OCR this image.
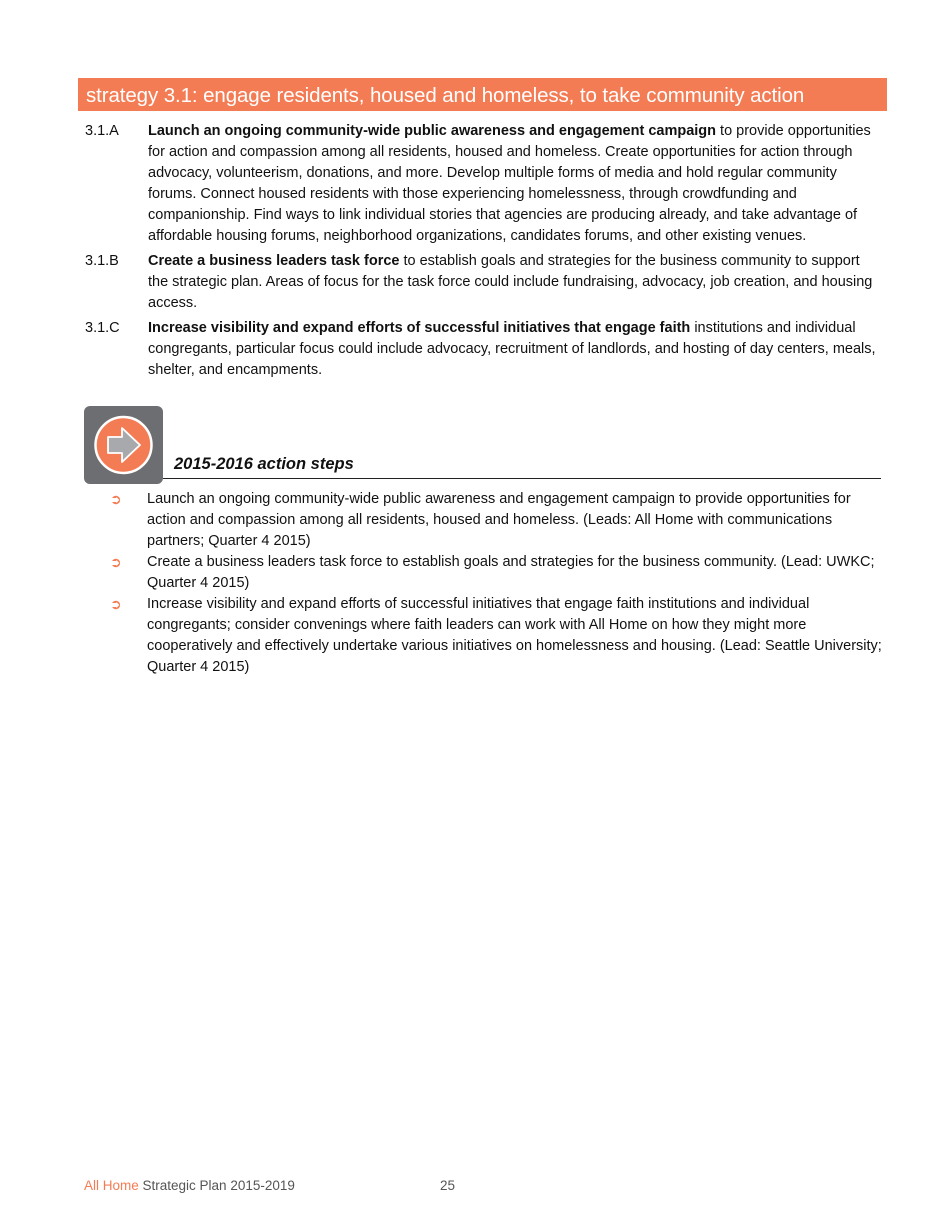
strategy 3.1: engage residents, housed and homeless, to take community action
3.1.A	Launch an ongoing community-wide public awareness and engagement campaign to provide opportunities for action and compassion among all residents, housed and homeless. Create opportunities for action through advocacy, volunteerism, donations, and more. Develop multiple forms of media and hold regular community forums. Connect housed residents with those experiencing homelessness, through crowdfunding and companionship. Find ways to link individual stories that agencies are producing already, and take advantage of affordable housing forums, neighborhood organizations, candidates forums, and other existing venues.
3.1.B	Create a business leaders task force to establish goals and strategies for the business community to support the strategic plan. Areas of focus for the task force could include fundraising, advocacy, job creation, and housing access.
3.1.C	Increase visibility and expand efforts of successful initiatives that engage faith institutions and individual congregants, particular focus could include advocacy, recruitment of landlords, and hosting of day centers, meals, shelter, and encampments.
2015-2016 action steps
➲	Launch an ongoing community-wide public awareness and engagement campaign to provide opportunities for action and compassion among all residents, housed and homeless. (Leads: All Home with communications partners; Quarter 4 2015)
➲	Create a business leaders task force to establish goals and strategies for the business community. (Lead: UWKC; Quarter 4 2015)
➲	Increase visibility and expand efforts of successful initiatives that engage faith institutions and individual congregants; consider convenings where faith leaders can work with All Home on how they might more cooperatively and effectively undertake various initiatives on homelessness and housing. (Lead: Seattle University; Quarter 4 2015)
All Home Strategic Plan 2015-2019	25
